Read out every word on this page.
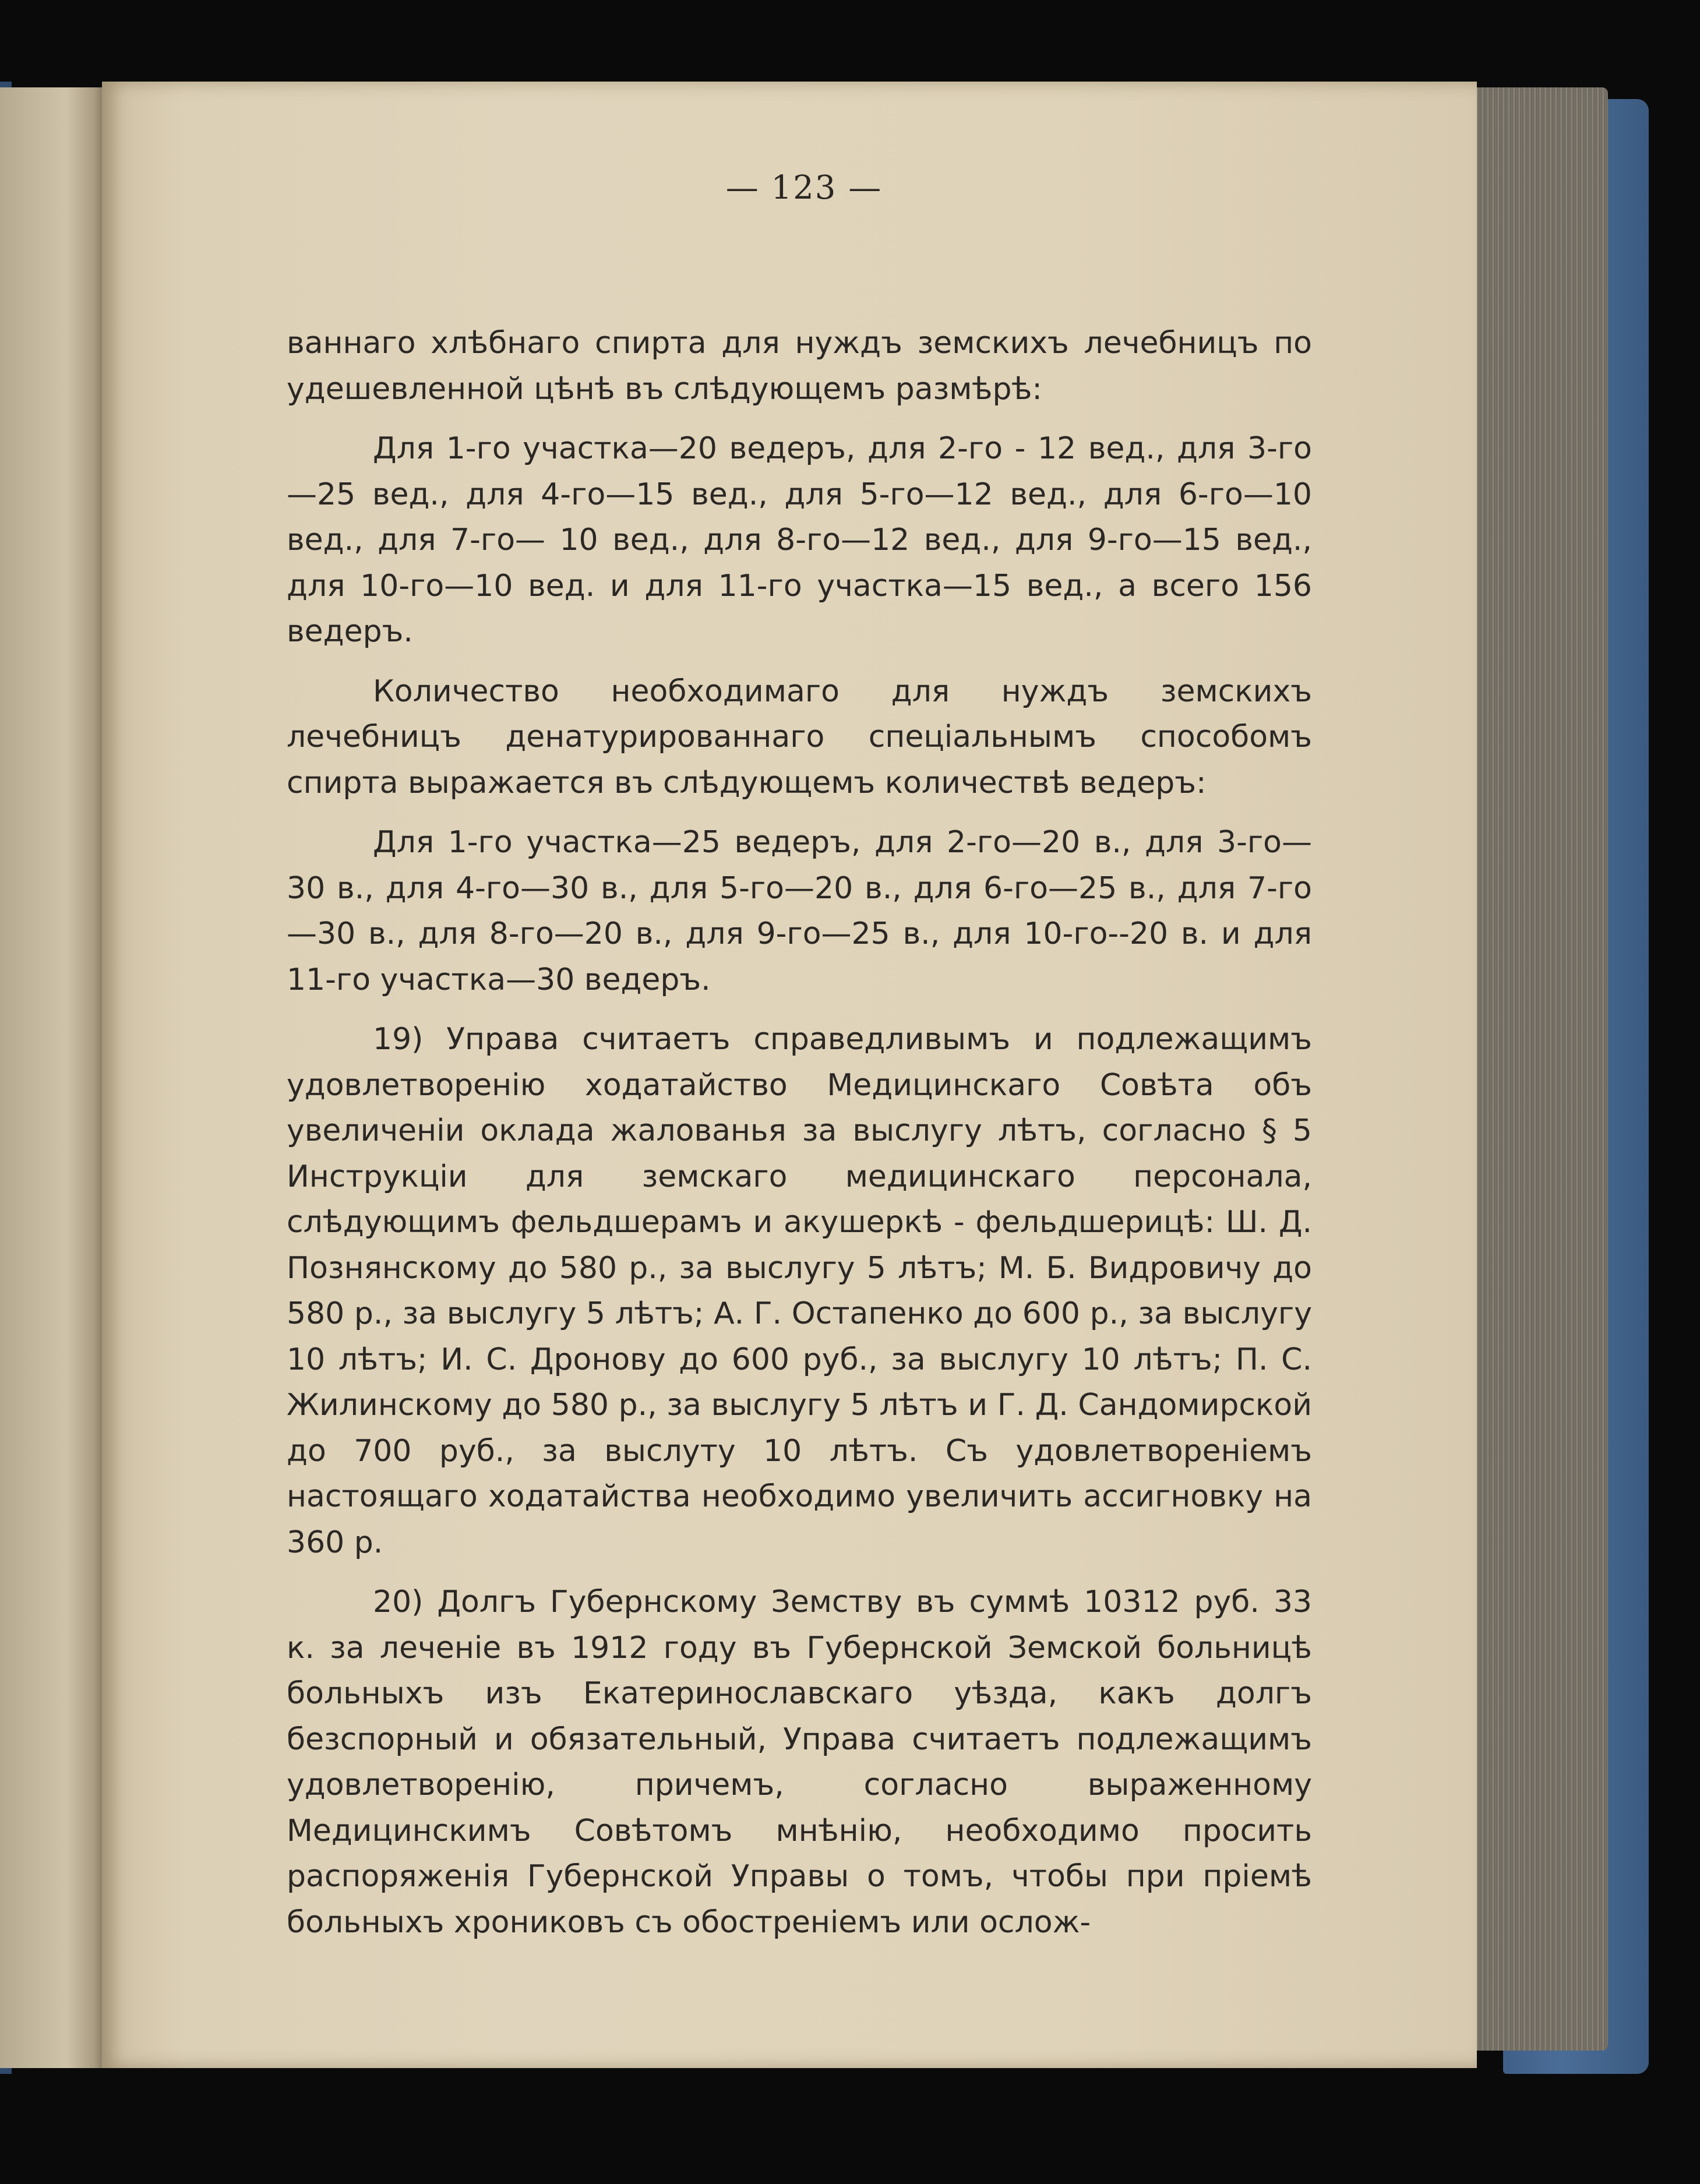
— 123 —

ваннаго хлѣбнаго спирта для нуждъ земскихъ лечебницъ по удешевленной цѣнѣ въ слѣдующемъ размѣрѣ:

Для 1-го участка—20 ведеръ, для 2-го - 12 вед., для 3-го—25 вед., для 4-го—15 вед., для 5-го—12 вед., для 6-го—10 вед., для 7-го— 10 вед., для 8-го—12 вед., для 9-го—15 вед., для 10-го—10 вед. и для 11-го участка—15 вед., а всего 156 ведеръ.

Количество необходимаго для нуждъ земскихъ лечебницъ денатурированнаго спеціальнымъ способомъ спирта выражается въ слѣдующемъ количествѣ ведеръ:

Для 1-го участка—25 ведеръ, для 2-го—20 в., для 3-го—30 в., для 4-го—30 в., для 5-го—20 в., для 6-го—25 в., для 7-го—30 в., для 8-го—20 в., для 9-го—25 в., для 10-го--20 в. и для 11-го участка—30 ведеръ.

19) Управа считаетъ справедливымъ и подлежащимъ удовлетворенію ходатайство Медицинскаго Совѣта объ увеличеніи оклада жалованья за выслугу лѣтъ, согласно § 5 Инструкціи для земскаго медицинскаго персонала, слѣдующимъ фельдшерамъ и акушеркѣ - фельдшерицѣ: Ш. Д. Познянскому до 580 р., за выслугу 5 лѣтъ; М. Б. Видровичу до 580 р., за выслугу 5 лѣтъ; А. Г. Остапенко до 600 р., за выслугу 10 лѣтъ; И. С. Дронову до 600 руб., за выслугу 10 лѣтъ; П. С. Жилинскому до 580 р., за выслугу 5 лѣтъ и Г. Д. Сандомирской до 700 руб., за выслуту 10 лѣтъ. Съ удовлетвореніемъ настоящаго ходатайства необходимо увеличить ассигновку на 360 р.

20) Долгъ Губернскому Земству въ суммѣ 10312 руб. 33 к. за леченіе въ 1912 году въ Губернской Земской больницѣ больныхъ изъ Екатеринославскаго уѣзда, какъ долгъ безспорный и обязательный, Управа считаетъ подлежащимъ удовлетворенію, причемъ, согласно выраженному Медицинскимъ Совѣтомъ мнѣнію, необходимо просить распоряженія Губернской Управы о томъ, чтобы при пріемѣ больныхъ хрониковъ съ обостреніемъ или ослож-
